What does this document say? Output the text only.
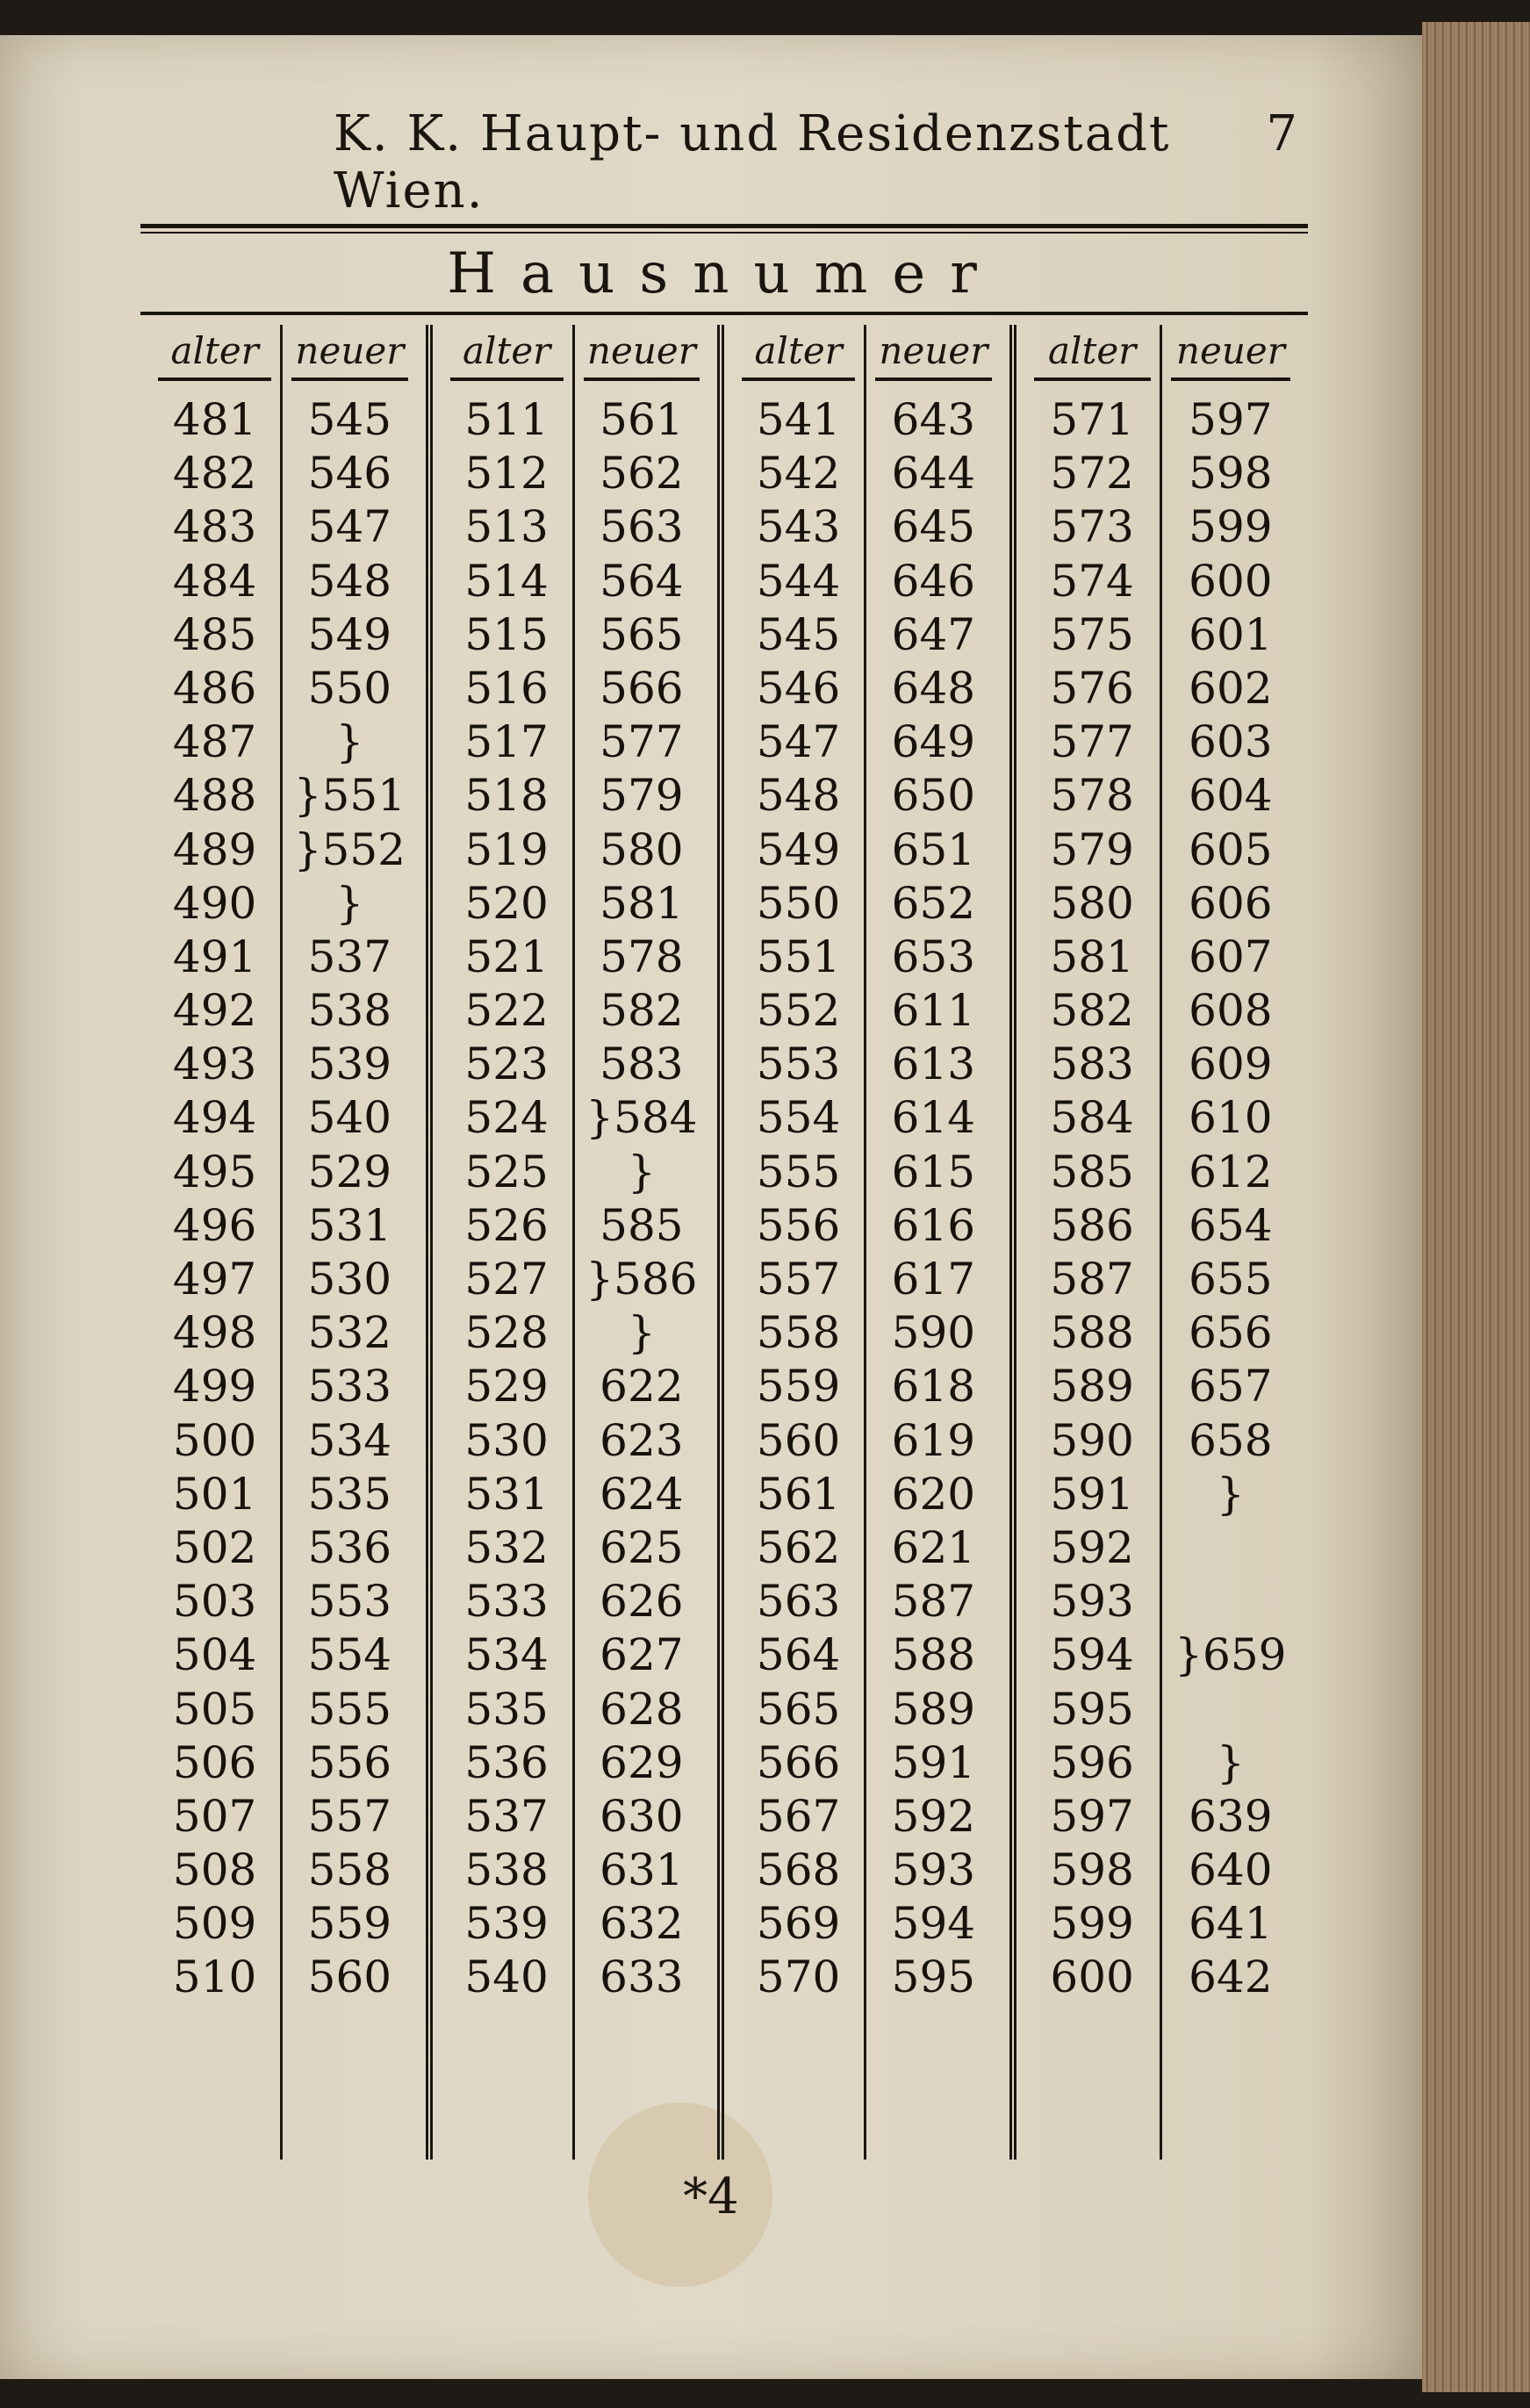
K. K. Haupt- und Residenzstadt Wien.
7
Hausnumer
alter
481
482
483
484
485
486
487
488
489
490
491
492
493
494
495
496
497
498
499
500
501
502
503
504
505
506
507
508
509
510
neuer
545
546
547
548
549
550
}
}551
}552
}
537
538
539
540
529
531
530
532
533
534
535
536
553
554
555
556
557
558
559
560
alter
511
512
513
514
515
516
517
518
519
520
521
522
523
524
525
526
527
528
529
530
531
532
533
534
535
536
537
538
539
540
neuer
561
562
563
564
565
566
577
579
580
581
578
582
583
}584
}
585
}586
}
622
623
624
625
626
627
628
629
630
631
632
633
alter
541
542
543
544
545
546
547
548
549
550
551
552
553
554
555
556
557
558
559
560
561
562
563
564
565
566
567
568
569
570
neuer
643
644
645
646
647
648
649
650
651
652
653
611
613
614
615
616
617
590
618
619
620
621
587
588
589
591
592
593
594
595
alter
571
572
573
574
575
576
577
578
579
580
581
582
583
584
585
586
587
588
589
590
591
592
593
594
595
596
597
598
599
600
neuer
597
598
599
600
601
602
603
604
605
606
607
608
609
610
612
654
655
656
657
658
}
}659
}
639
640
641
642
*4
